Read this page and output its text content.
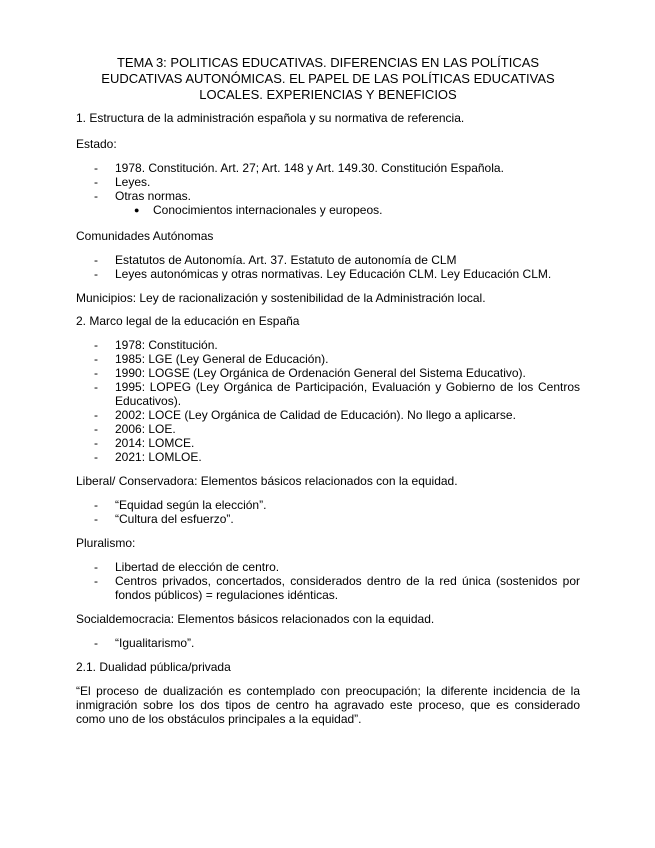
TEMA 3: POLITICAS EDUCATIVAS. DIFERENCIAS EN LAS POLÍTICAS
EUDCATIVAS AUTONÓMICAS. EL PAPEL DE LAS POLÍTICAS EDUCATIVAS
LOCALES. EXPERIENCIAS Y BENEFICIOS

1. Estructura de la administración española y su normativa de referencia.

Estado:

- 1978. Constitución. Art. 27; Art. 148 y Art. 149.30. Constitución Española.
- Leyes.
- Otras normas.
● Conocimientos internacionales y europeos.

Comunidades Autónomas

- Estatutos de Autonomía. Art. 37. Estatuto de autonomía de CLM
- Leyes autonómicas y otras normativas. Ley Educación CLM. Ley Educación CLM.

Municipios: Ley de racionalización y sostenibilidad de la Administración local.

2. Marco legal de la educación en España

- 1978: Constitución.
- 1985: LGE (Ley General de Educación).
- 1990: LOGSE (Ley Orgánica de Ordenación General del Sistema Educativo).
- 1995: LOPEG (Ley Orgánica de Participación, Evaluación y Gobierno de los Centros Educativos).
- 2002: LOCE (Ley Orgánica de Calidad de Educación). No llego a aplicarse.
- 2006: LOE.
- 2014: LOMCE.
- 2021: LOMLOE.

Liberal/ Conservadora: Elementos básicos relacionados con la equidad.

- “Equidad según la elección”.
- “Cultura del esfuerzo”.

Pluralismo:

- Libertad de elección de centro.
- Centros privados, concertados, considerados dentro de la red única (sostenidos por fondos públicos) = regulaciones idénticas.

Socialdemocracia: Elementos básicos relacionados con la equidad.

- “Igualitarismo”.

2.1. Dualidad pública/privada

“El proceso de dualización es contemplado con preocupación; la diferente incidencia de la inmigración sobre los dos tipos de centro ha agravado este proceso, que es considerado como uno de los obstáculos principales a la equidad”.
